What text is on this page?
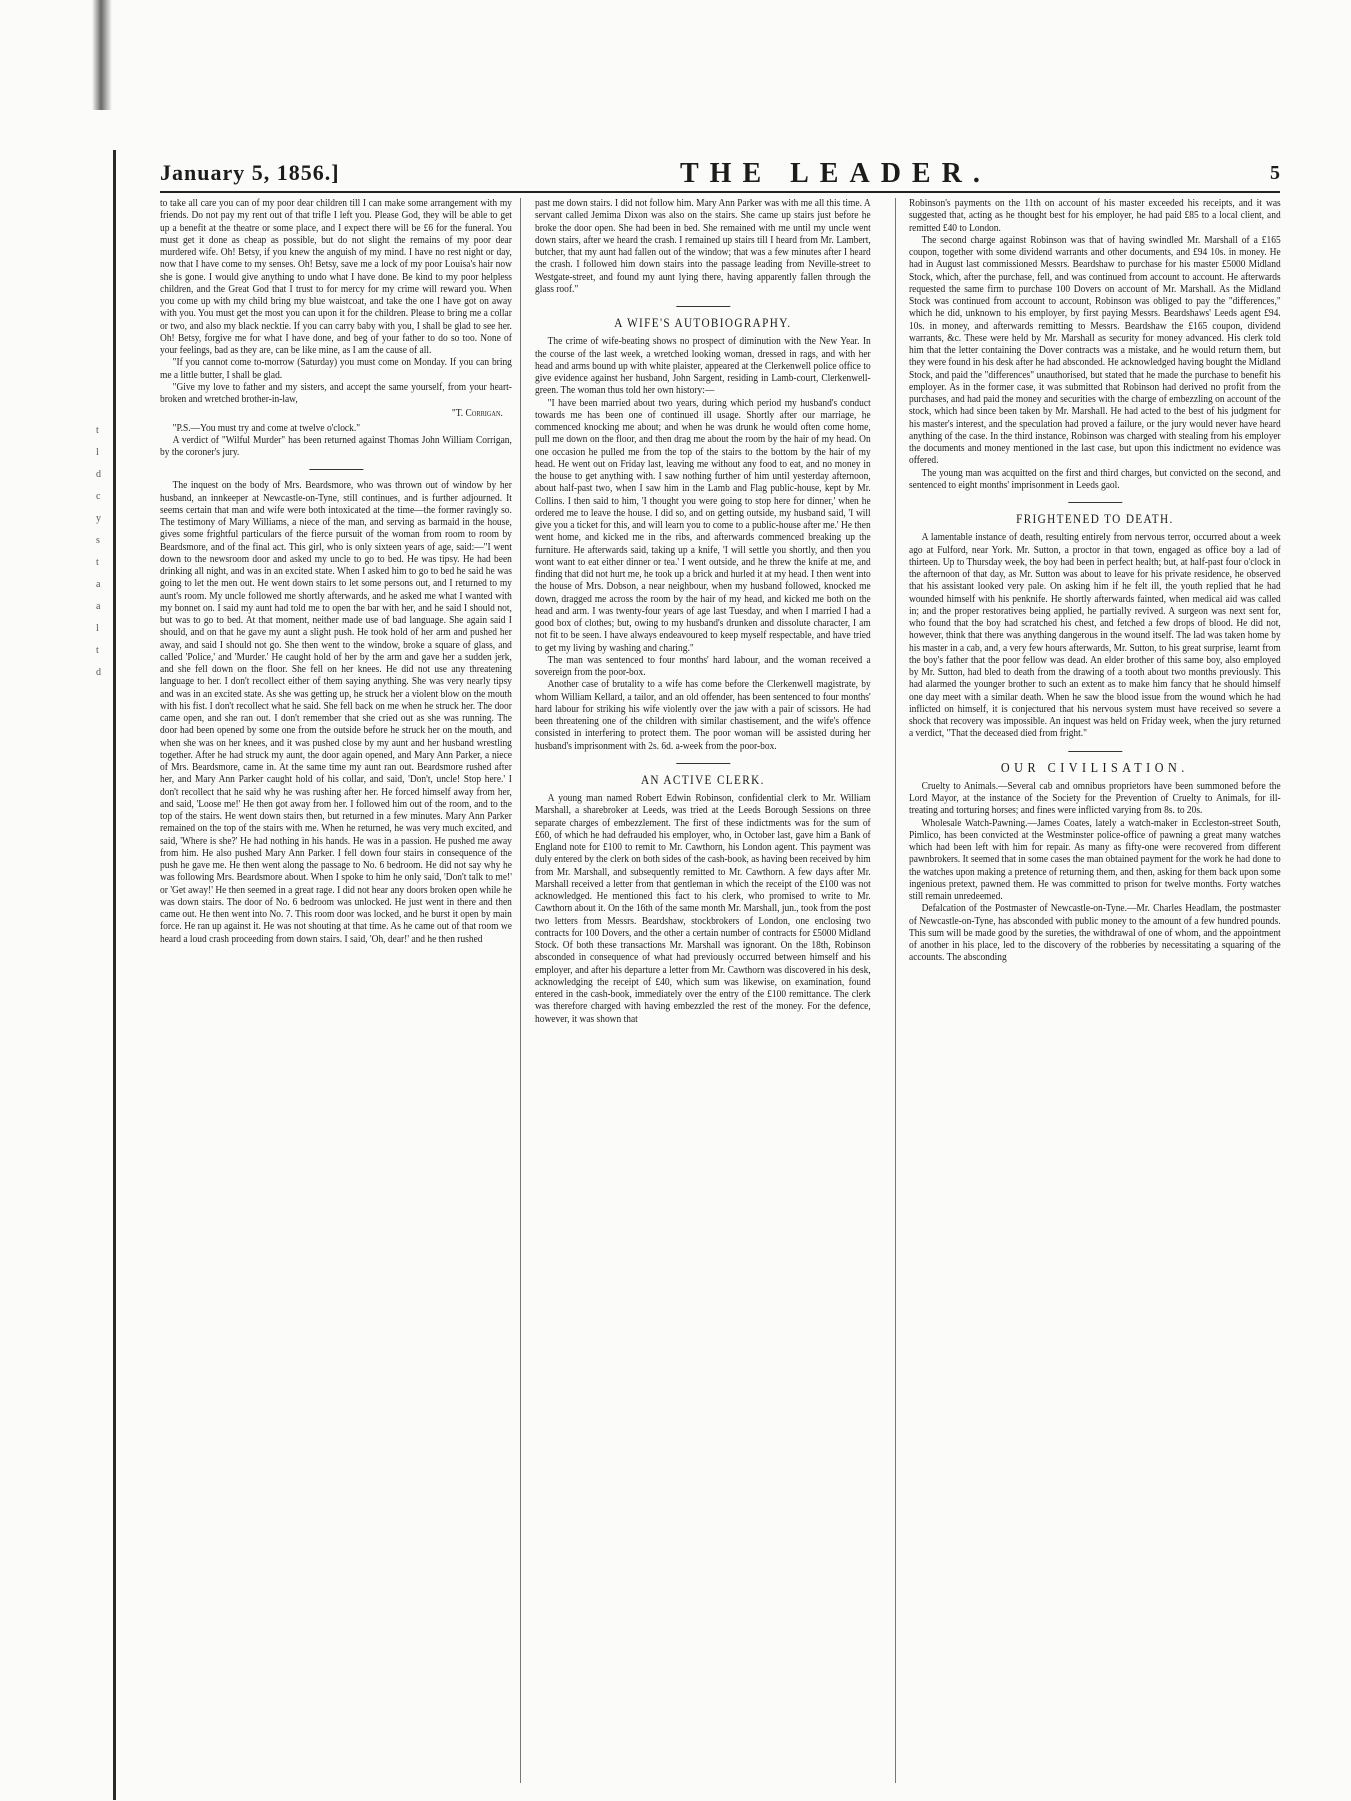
t
l
d
c
y
s
t
a
a
l
t
d
January 5, 1856.]	THE LEADER.	5

to take all care you can of my poor dear children till I can make some arrangement with my friends. Do not pay my rent out of that trifle I left you. Please God, they will be able to get up a benefit at the theatre or some place, and I expect there will be £6 for the funeral. You must get it done as cheap as possible, but do not slight the remains of my poor dear murdered wife. Oh! Betsy, if you knew the anguish of my mind. I have no rest night or day, now that I have come to my senses. Oh! Betsy, save me a lock of my poor Louisa's hair now she is gone. I would give anything to undo what I have done. Be kind to my poor helpless children, and the Great God that I trust to for mercy for my crime will reward you. When you come up with my child bring my blue waistcoat, and take the one I have got on away with you. You must get the most you can upon it for the children. Please to bring me a collar or two, and also my black necktie. If you can carry baby with you, I shall be glad to see her. Oh! Betsy, forgive me for what I have done, and beg of your father to do so too. None of your feelings, bad as they are, can be like mine, as I am the cause of all.

"If you cannot come to-morrow (Saturday) you must come on Monday. If you can bring me a little butter, I shall be glad.

"Give my love to father and my sisters, and accept the same yourself, from your heart-broken and wretched brother-in-law,

"T. Corrigan.

"P.S.—You must try and come at twelve o'clock."

A verdict of "Wilful Murder" has been returned against Thomas John William Corrigan, by the coroner's jury.

The inquest on the body of Mrs. Beardsmore, who was thrown out of window by her husband, an innkeeper at Newcastle-on-Tyne, still continues, and is further adjourned. It seems certain that man and wife were both intoxicated at the time—the former ravingly so. The testimony of Mary Williams, a niece of the man, and serving as barmaid in the house, gives some frightful particulars of the fierce pursuit of the woman from room to room by Beardsmore, and of the final act. This girl, who is only sixteen years of age, said:—"I went down to the newsroom door and asked my uncle to go to bed. He was tipsy. He had been drinking all night, and was in an excited state. When I asked him to go to bed he said he was going to let the men out. He went down stairs to let some persons out, and I returned to my aunt's room. My uncle followed me shortly afterwards, and he asked me what I wanted with my bonnet on. I said my aunt had told me to open the bar with her, and he said I should not, but was to go to bed. At that moment, neither made use of bad language. She again said I should, and on that he gave my aunt a slight push. He took hold of her arm and pushed her away, and said I should not go. She then went to the window, broke a square of glass, and called 'Police,' and 'Murder.' He caught hold of her by the arm and gave her a sudden jerk, and she fell down on the floor. She fell on her knees. He did not use any threatening language to her. I don't recollect either of them saying anything. She was very nearly tipsy and was in an excited state. As she was getting up, he struck her a violent blow on the mouth with his fist. I don't recollect what he said. She fell back on me when he struck her. The door came open, and she ran out. I don't remember that she cried out as she was running. The door had been opened by some one from the outside before he struck her on the mouth, and when she was on her knees, and it was pushed close by my aunt and her husband wrestling together. After he had struck my aunt, the door again opened, and Mary Ann Parker, a niece of Mrs. Beardsmore, came in. At the same time my aunt ran out. Beardsmore rushed after her, and Mary Ann Parker caught hold of his collar, and said, 'Don't, uncle! Stop here.' I don't recollect that he said why he was rushing after her. He forced himself away from her, and said, 'Loose me!' He then got away from her. I followed him out of the room, and to the top of the stairs. He went down stairs then, but returned in a few minutes. Mary Ann Parker remained on the top of the stairs with me. When he returned, he was very much excited, and said, 'Where is she?' He had nothing in his hands. He was in a passion. He pushed me away from him. He also pushed Mary Ann Parker. I fell down four stairs in consequence of the push he gave me. He then went along the passage to No. 6 bedroom. He did not say why he was following Mrs. Beardsmore about. When I spoke to him he only said, 'Don't talk to me!' or 'Get away!' He then seemed in a great rage. I did not hear any doors broken open while he was down stairs. The door of No. 6 bedroom was unlocked. He just went in there and then came out. He then went into No. 7. This room door was locked, and he burst it open by main force. He ran up against it. He was not shouting at that time. As he came out of that room we heard a loud crash proceeding from down stairs. I said, 'Oh, dear!' and he then rushed

past me down stairs. I did not follow him. Mary Ann Parker was with me all this time. A servant called Jemima Dixon was also on the stairs. She came up stairs just before he broke the door open. She had been in bed. She remained with me until my uncle went down stairs, after we heard the crash. I remained up stairs till I heard from Mr. Lambert, butcher, that my aunt had fallen out of the window; that was a few minutes after I heard the crash. I followed him down stairs into the passage leading from Neville-street to Westgate-street, and found my aunt lying there, having apparently fallen through the glass roof."

A WIFE'S AUTOBIOGRAPHY.

The crime of wife-beating shows no prospect of diminution with the New Year. In the course of the last week, a wretched looking woman, dressed in rags, and with her head and arms bound up with white plaister, appeared at the Clerkenwell police office to give evidence against her husband, John Sargent, residing in Lamb-court, Clerkenwell-green. The woman thus told her own history:—

"I have been married about two years, during which period my husband's conduct towards me has been one of continued ill usage. Shortly after our marriage, he commenced knocking me about; and when he was drunk he would often come home, pull me down on the floor, and then drag me about the room by the hair of my head. On one occasion he pulled me from the top of the stairs to the bottom by the hair of my head. He went out on Friday last, leaving me without any food to eat, and no money in the house to get anything with. I saw nothing further of him until yesterday afternoon, about half-past two, when I saw him in the Lamb and Flag public-house, kept by Mr. Collins. I then said to him, 'I thought you were going to stop here for dinner,' when he ordered me to leave the house. I did so, and on getting outside, my husband said, 'I will give you a ticket for this, and will learn you to come to a public-house after me.' He then went home, and kicked me in the ribs, and afterwards commenced breaking up the furniture. He afterwards said, taking up a knife, 'I will settle you shortly, and then you wont want to eat either dinner or tea.' I went outside, and he threw the knife at me, and finding that did not hurt me, he took up a brick and hurled it at my head. I then went into the house of Mrs. Dobson, a near neighbour, when my husband followed, knocked me down, dragged me across the room by the hair of my head, and kicked me both on the head and arm. I was twenty-four years of age last Tuesday, and when I married I had a good box of clothes; but, owing to my husband's drunken and dissolute character, I am not fit to be seen. I have always endeavoured to keep myself respectable, and have tried to get my living by washing and charing."

The man was sentenced to four months' hard labour, and the woman received a sovereign from the poor-box.

Another case of brutality to a wife has come before the Clerkenwell magistrate, by whom William Kellard, a tailor, and an old offender, has been sentenced to four months' hard labour for striking his wife violently over the jaw with a pair of scissors. He had been threatening one of the children with similar chastisement, and the wife's offence consisted in interfering to protect them. The poor woman will be assisted during her husband's imprisonment with 2s. 6d. a-week from the poor-box.

AN ACTIVE CLERK.

A young man named Robert Edwin Robinson, confidential clerk to Mr. William Marshall, a sharebroker at Leeds, was tried at the Leeds Borough Sessions on three separate charges of embezzlement. The first of these indictments was for the sum of £60, of which he had defrauded his employer, who, in October last, gave him a Bank of England note for £100 to remit to Mr. Cawthorn, his London agent. This payment was duly entered by the clerk on both sides of the cash-book, as having been received by him from Mr. Marshall, and subsequently remitted to Mr. Cawthorn. A few days after Mr. Marshall received a letter from that gentleman in which the receipt of the £100 was not acknowledged. He mentioned this fact to his clerk, who promised to write to Mr. Cawthorn about it. On the 16th of the same month Mr. Marshall, jun., took from the post two letters from Messrs. Beardshaw, stockbrokers of London, one enclosing two contracts for 100 Dovers, and the other a certain number of contracts for £5000 Midland Stock. Of both these transactions Mr. Marshall was ignorant. On the 18th, Robinson absconded in consequence of what had previously occurred between himself and his employer, and after his departure a letter from Mr. Cawthorn was discovered in his desk, acknowledging the receipt of £40, which sum was likewise, on examination, found entered in the cash-book, immediately over the entry of the £100 remittance. The clerk was therefore charged with having embezzled the rest of the money. For the defence, however, it was shown that

Robinson's payments on the 11th on account of his master exceeded his receipts, and it was suggested that, acting as he thought best for his employer, he had paid £85 to a local client, and remitted £40 to London.

The second charge against Robinson was that of having swindled Mr. Marshall of a £165 coupon, together with some dividend warrants and other documents, and £94 10s. in money. He had in August last commissioned Messrs. Beardshaw to purchase for his master £5000 Midland Stock, which, after the purchase, fell, and was continued from account to account. He afterwards requested the same firm to purchase 100 Dovers on account of Mr. Marshall. As the Midland Stock was continued from account to account, Robinson was obliged to pay the "differences," which he did, unknown to his employer, by first paying Messrs. Beardshaws' Leeds agent £94. 10s. in money, and afterwards remitting to Messrs. Beardshaw the £165 coupon, dividend warrants, &c. These were held by Mr. Marshall as security for money advanced. His clerk told him that the letter containing the Dover contracts was a mistake, and he would return them, but they were found in his desk after he had absconded. He acknowledged having bought the Midland Stock, and paid the "differences" unauthorised, but stated that he made the purchase to benefit his employer. As in the former case, it was submitted that Robinson had derived no profit from the purchases, and had paid the money and securities with the charge of embezzling on account of the stock, which had since been taken by Mr. Marshall. He had acted to the best of his judgment for his master's interest, and the speculation had proved a failure, or the jury would never have heard anything of the case. In the third instance, Robinson was charged with stealing from his employer the documents and money mentioned in the last case, but upon this indictment no evidence was offered.

The young man was acquitted on the first and third charges, but convicted on the second, and sentenced to eight months' imprisonment in Leeds gaol.

FRIGHTENED TO DEATH.

A lamentable instance of death, resulting entirely from nervous terror, occurred about a week ago at Fulford, near York. Mr. Sutton, a proctor in that town, engaged as office boy a lad of thirteen. Up to Thursday week, the boy had been in perfect health; but, at half-past four o'clock in the afternoon of that day, as Mr. Sutton was about to leave for his private residence, he observed that his assistant looked very pale. On asking him if he felt ill, the youth replied that he had wounded himself with his penknife. He shortly afterwards fainted, when medical aid was called in; and the proper restoratives being applied, he partially revived. A surgeon was next sent for, who found that the boy had scratched his chest, and fetched a few drops of blood. He did not, however, think that there was anything dangerous in the wound itself. The lad was taken home by his master in a cab, and, a very few hours afterwards, Mr. Sutton, to his great surprise, learnt from the boy's father that the poor fellow was dead. An elder brother of this same boy, also employed by Mr. Sutton, had bled to death from the drawing of a tooth about two months previously. This had alarmed the younger brother to such an extent as to make him fancy that he should himself one day meet with a similar death. When he saw the blood issue from the wound which he had inflicted on himself, it is conjectured that his nervous system must have received so severe a shock that recovery was impossible. An inquest was held on Friday week, when the jury returned a verdict, "That the deceased died from fright."

OUR CIVILISATION.

Cruelty to Animals.—Several cab and omnibus proprietors have been summoned before the Lord Mayor, at the instance of the Society for the Prevention of Cruelty to Animals, for ill-treating and torturing horses; and fines were inflicted varying from 8s. to 20s.

Wholesale Watch-Pawning.—James Coates, lately a watch-maker in Eccleston-street South, Pimlico, has been convicted at the Westminster police-office of pawning a great many watches which had been left with him for repair. As many as fifty-one were recovered from different pawnbrokers. It seemed that in some cases the man obtained payment for the work he had done to the watches upon making a pretence of returning them, and then, asking for them back upon some ingenious pretext, pawned them. He was committed to prison for twelve months. Forty watches still remain unredeemed.

Defalcation of the Postmaster of Newcastle-on-Tyne.—Mr. Charles Headlam, the postmaster of Newcastle-on-Tyne, has absconded with public money to the amount of a few hundred pounds. This sum will be made good by the sureties, the withdrawal of one of whom, and the appointment of another in his place, led to the discovery of the robberies by necessitating a squaring of the accounts. The absconding
